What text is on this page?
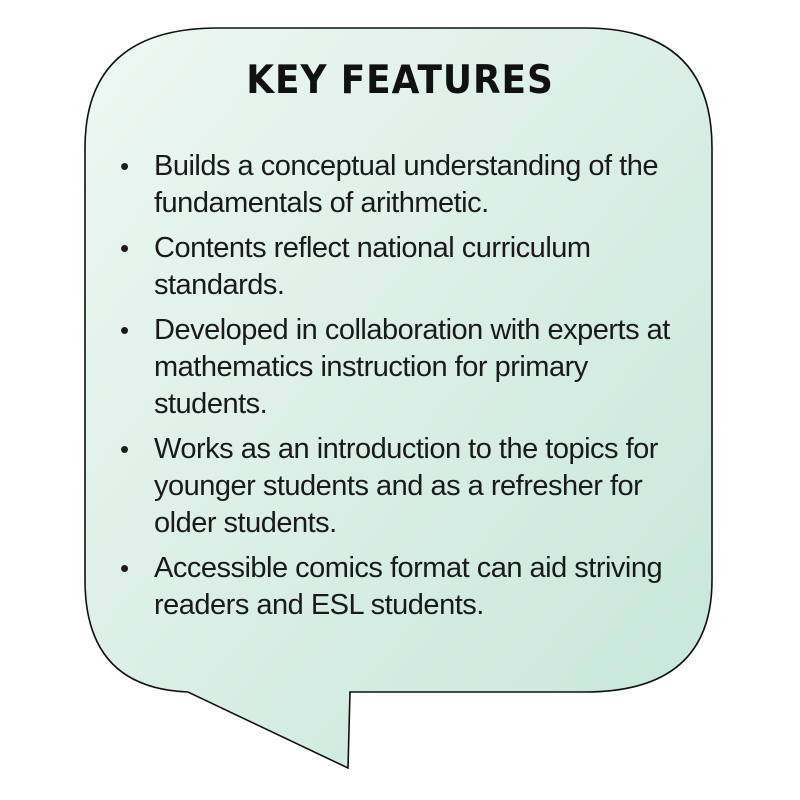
KEY FEATURES
• Builds a conceptual understanding of the fundamentals of arithmetic.
• Contents reflect national curriculum standards.
• Developed in collaboration with experts at mathematics instruction for primary students.
• Works as an introduction to the topics for younger students and as a refresher for older students.
• Accessible comics format can aid striving readers and ESL students.
